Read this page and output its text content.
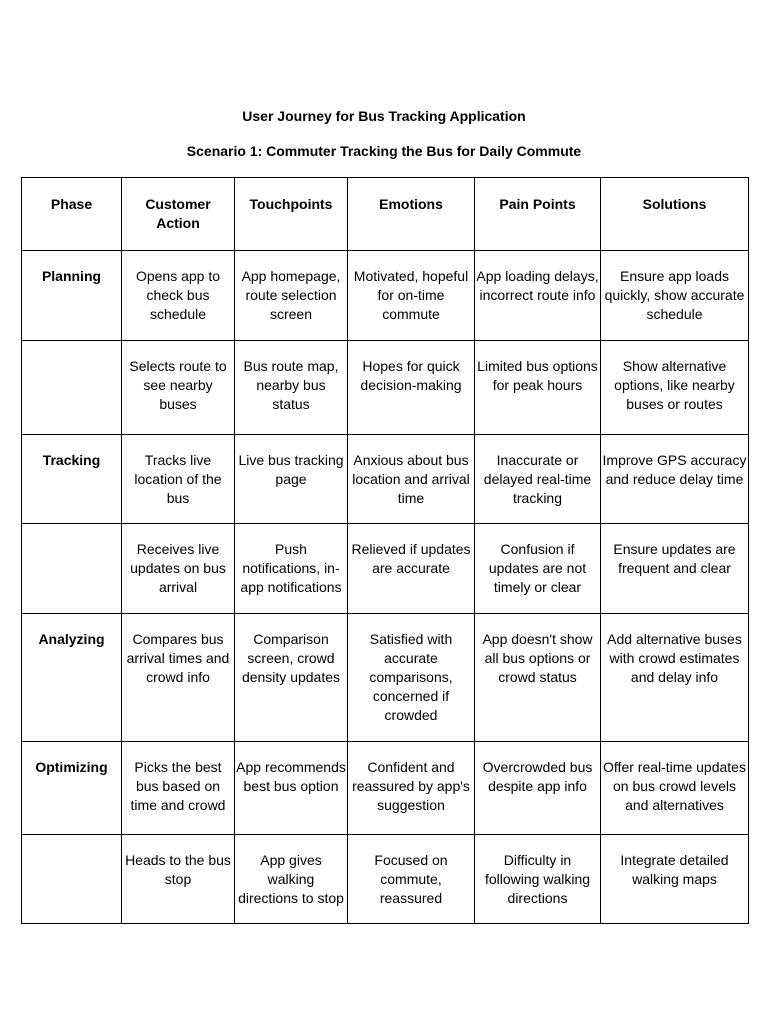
User Journey for Bus Tracking Application
Scenario 1: Commuter Tracking the Bus for Daily Commute
Phase	Customer Action	Touchpoints	Emotions	Pain Points	Solutions

Planning	Opens app to check bus schedule	App homepage, route selection screen	Motivated, hopeful for on-time commute	App loading delays, incorrect route info	Ensure app loads quickly, show accurate schedule

	Selects route to see nearby buses	Bus route map, nearby bus status	Hopes for quick decision-making	Limited bus options for peak hours	Show alternative options, like nearby buses or routes

Tracking	Tracks live location of the bus	Live bus tracking page	Anxious about bus location and arrival time	Inaccurate or delayed real-time tracking	Improve GPS accuracy and reduce delay time

	Receives live updates on bus arrival	Push notifications, in-app notifications	Relieved if updates are accurate	Confusion if updates are not timely or clear	Ensure updates are frequent and clear

Analyzing	Compares bus arrival times and crowd info	Comparison screen, crowd density updates	Satisfied with accurate comparisons, concerned if crowded	App doesn't show all bus options or crowd status	Add alternative buses with crowd estimates and delay info

Optimizing	Picks the best bus based on time and crowd	App recommends best bus option	Confident and reassured by app's suggestion	Overcrowded bus despite app info	Offer real-time updates on bus crowd levels and alternatives

	Heads to the bus stop	App gives walking directions to stop	Focused on commute, reassured	Difficulty in following walking directions	Integrate detailed walking maps
